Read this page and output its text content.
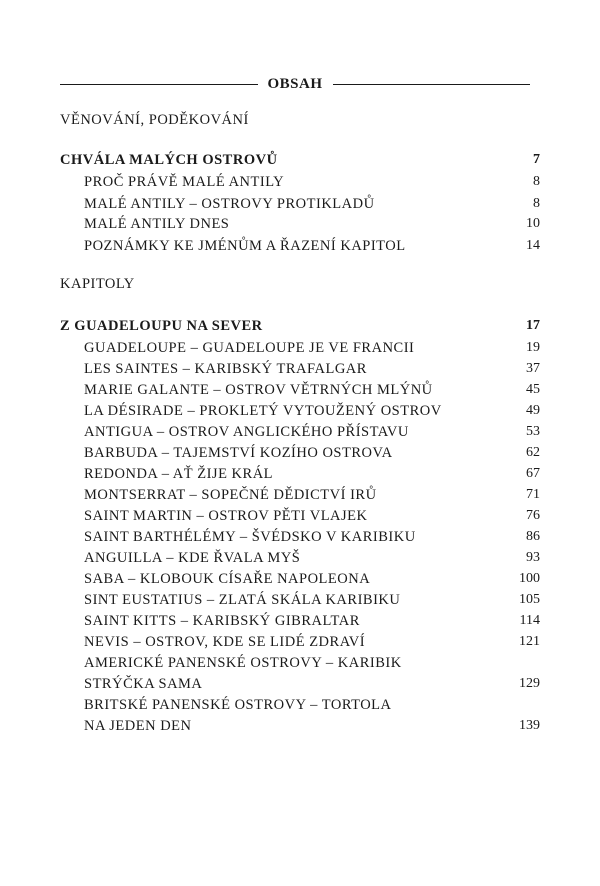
OBSAH
VĚNOVÁNÍ, PODĚKOVÁNÍ
CHVÁLA MALÝCH OSTROVŮ	7
PROČ PRÁVĚ MALÉ ANTILY	8
MALÉ ANTILY – OSTROVY PROTIKLADŮ	8
MALÉ ANTILY DNES	10
POZNÁMKY KE JMÉNŮM A ŘAZENÍ KAPITOL	14
KAPITOLY
Z GUADELOUPU NA SEVER	17
GUADELOUPE – GUADELOUPE JE VE FRANCII	19
LES SAINTES – KARIBSKÝ TRAFALGAR	37
MARIE GALANTE – OSTROV VĚTRNÝCH MLÝNŮ	45
LA DÉSIRADE – PROKLETÝ VYTOUŽENÝ OSTROV	49
ANTIGUA – OSTROV ANGLICKÉHO PŘÍSTAVU	53
BARBUDA – TAJEMSTVÍ KOZÍHO OSTROVA	62
REDONDA – AŤ ŽIJE KRÁL	67
MONTSERRAT – SOPEČNÉ DĚDICTVÍ IRŮ	71
SAINT MARTIN – OSTROV PĚTI VLAJEK	76
SAINT BARTHÉLÉMY – ŠVÉDSKO V KARIBIKU	86
ANGUILLA – KDE ŘVALA MYŠ	93
SABA – KLOBOUK CÍSAŘE NAPOLEONA	100
SINT EUSTATIUS – ZLATÁ SKÁLA KARIBIKU	105
SAINT KITTS – KARIBSKÝ GIBRALTAR	114
NEVIS – OSTROV, KDE SE LIDÉ ZDRAVÍ	121
AMERICKÉ PANENSKÉ OSTROVY – KARIBIK
STRÝČKA SAMA	129
BRITSKÉ PANENSKÉ OSTROVY – TORTOLA
NA JEDEN DEN	139
